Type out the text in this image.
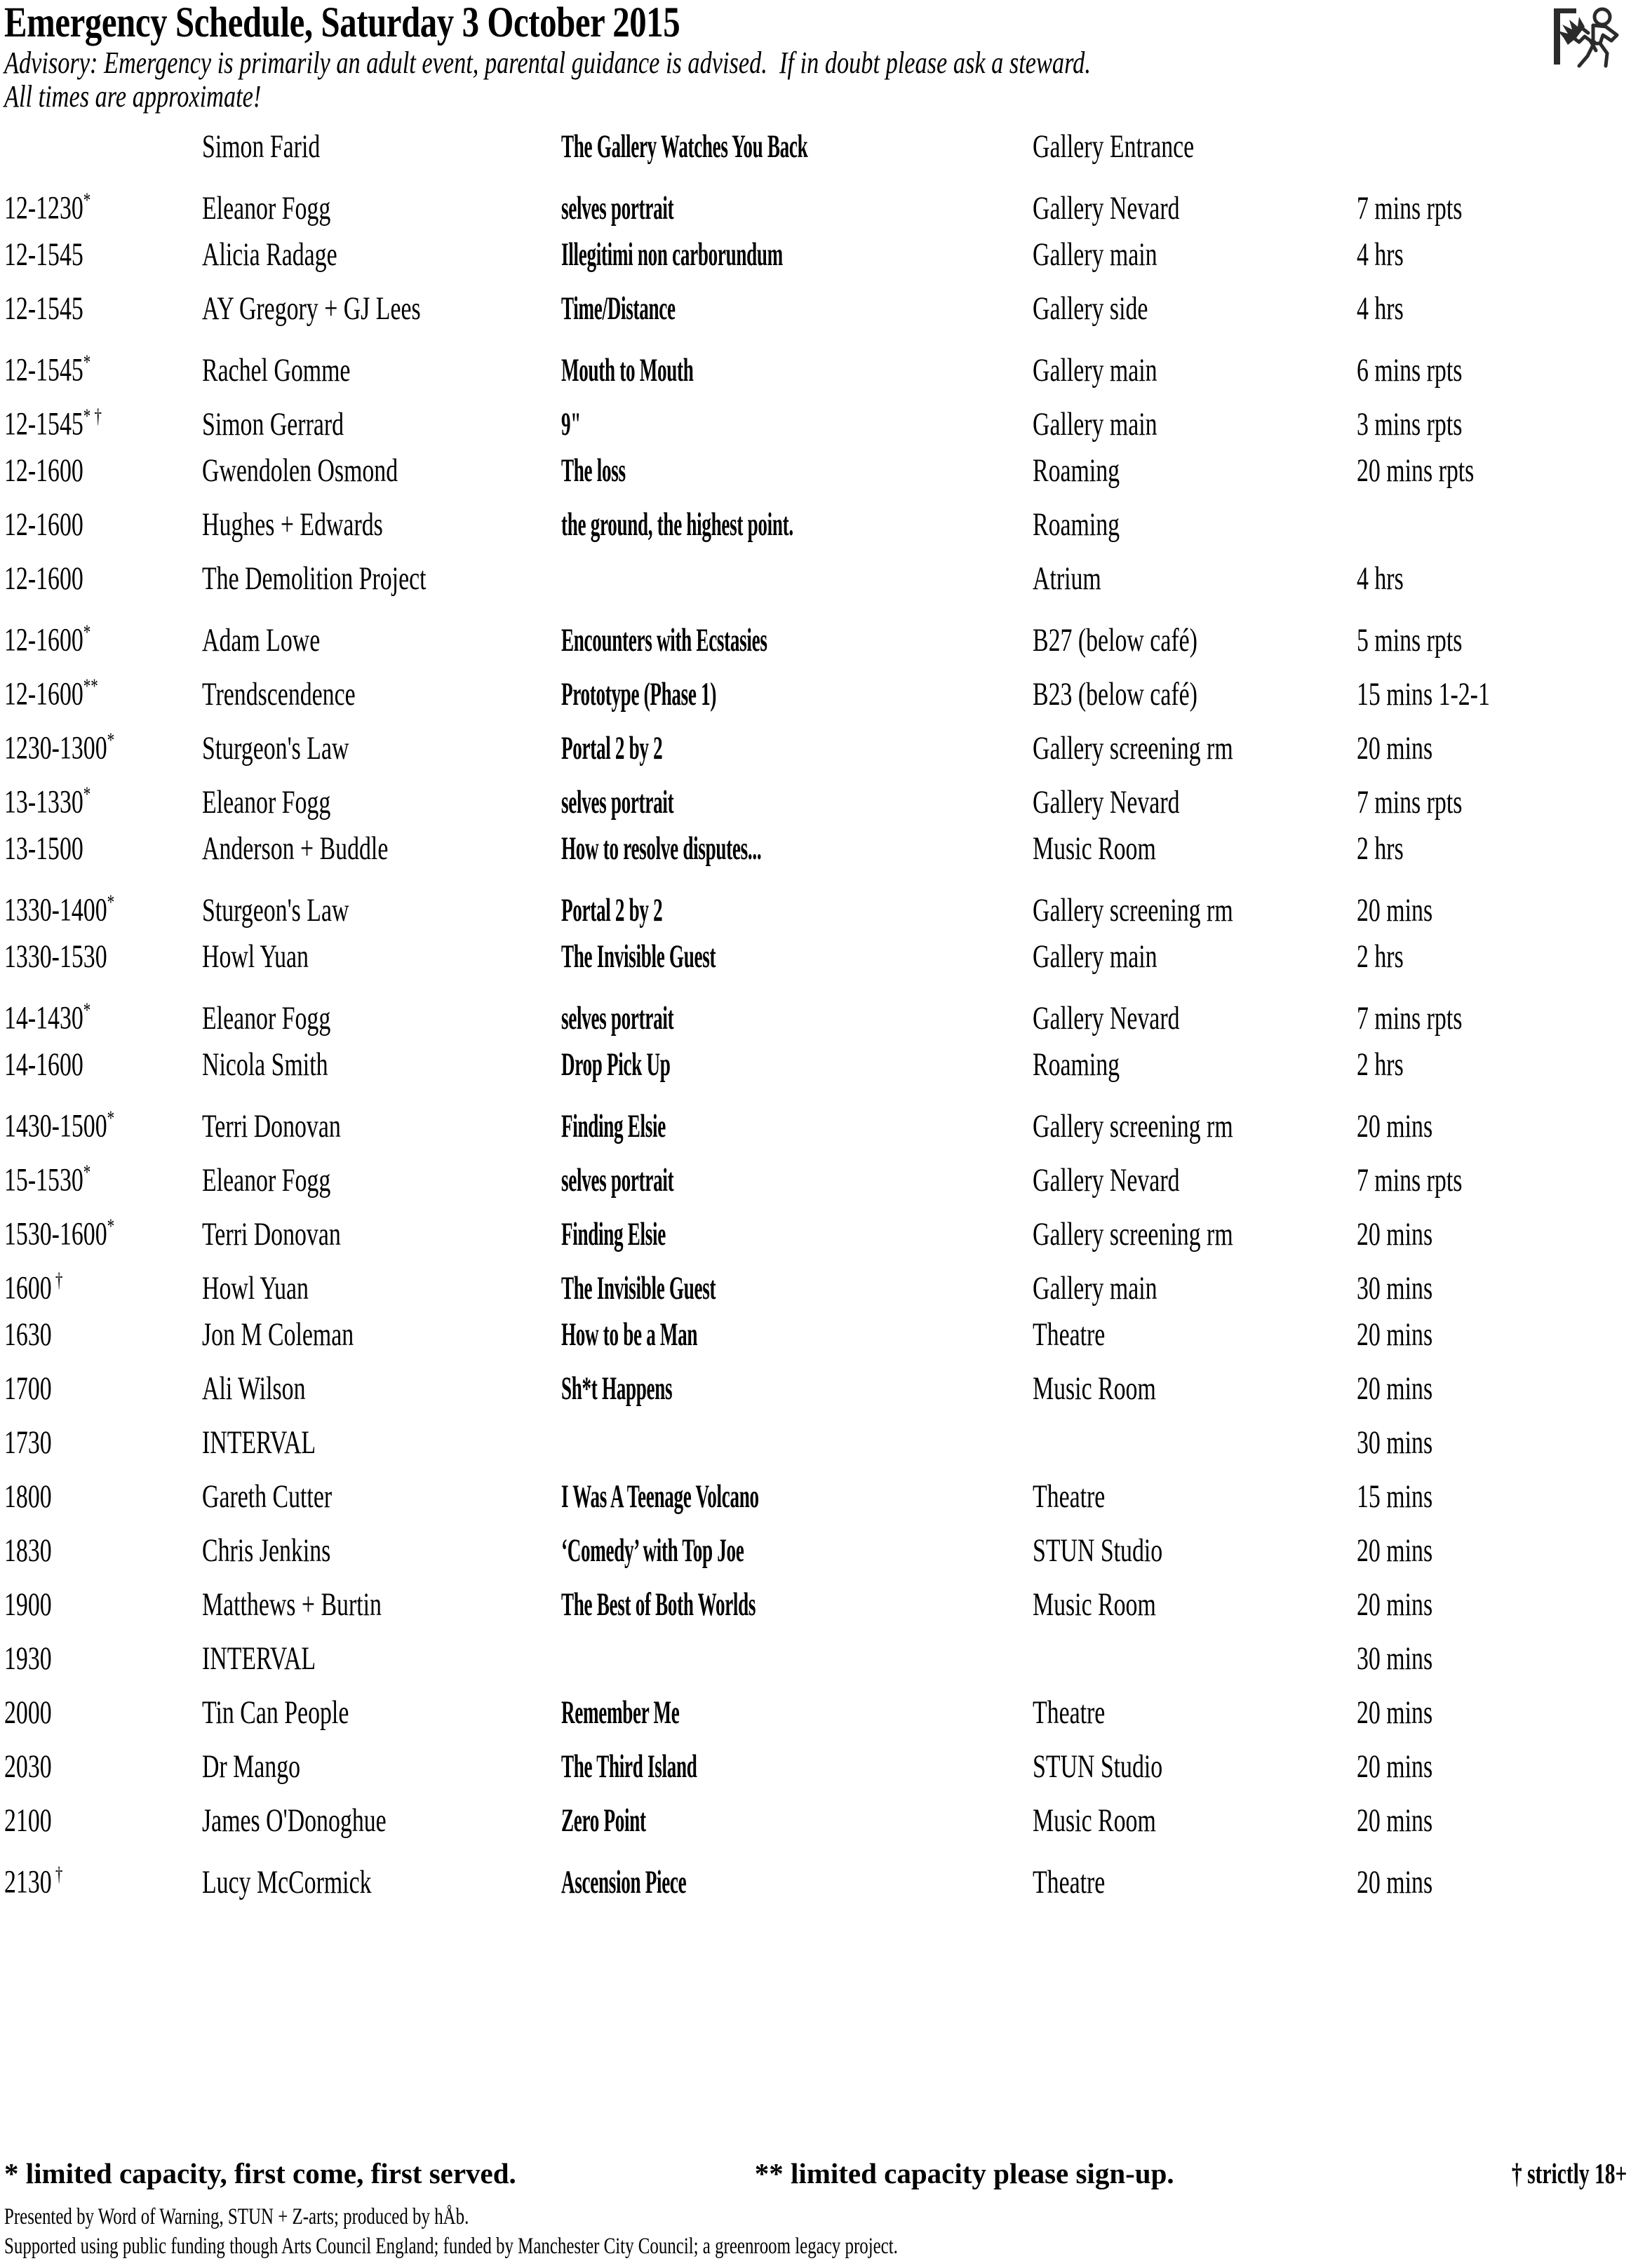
Emergency Schedule, Saturday 3 October 2015
Advisory: Emergency is primarily an adult event, parental guidance is advised. If in doubt please ask a steward.
All times are approximate!

	Simon Farid	The Gallery Watches You Back	Gallery Entrance	

12-1230*	Eleanor Fogg	selves portrait	Gallery Nevard	7 mins rpts

12-1545	Alicia Radage	Illegitimi non carborundum	Gallery main	4 hrs

12-1545	AY Gregory + GJ Lees	Time/Distance	Gallery side	4 hrs

12-1545*	Rachel Gomme	Mouth to Mouth	Gallery main	6 mins rpts

12-1545* †	Simon Gerrard	9"	Gallery main	3 mins rpts

12-1600	Gwendolen Osmond	The loss	Roaming	20 mins rpts

12-1600	Hughes + Edwards	the ground, the highest point.	Roaming	

12-1600	The Demolition Project		Atrium	4 hrs

12-1600*	Adam Lowe	Encounters with Ecstasies	B27 (below café)	5 mins rpts

12-1600**	Trendscendence	Prototype (Phase 1)	B23 (below café)	15 mins 1-2-1

1230-1300*	Sturgeon's Law	Portal 2 by 2	Gallery screening rm	20 mins

13-1330*	Eleanor Fogg	selves portrait	Gallery Nevard	7 mins rpts

13-1500	Anderson + Buddle	How to resolve disputes...	Music Room	2 hrs

1330-1400*	Sturgeon's Law	Portal 2 by 2	Gallery screening rm	20 mins

1330-1530	Howl Yuan	The Invisible Guest	Gallery main	2 hrs

14-1430*	Eleanor Fogg	selves portrait	Gallery Nevard	7 mins rpts

14-1600	Nicola Smith	Drop Pick Up	Roaming	2 hrs

1430-1500*	Terri Donovan	Finding Elsie	Gallery screening rm	20 mins

15-1530*	Eleanor Fogg	selves portrait	Gallery Nevard	7 mins rpts

1530-1600*	Terri Donovan	Finding Elsie	Gallery screening rm	20 mins

1600 †	Howl Yuan	The Invisible Guest	Gallery main	30 mins

1630	Jon M Coleman	How to be a Man	Theatre	20 mins

1700	Ali Wilson	Sh*t Happens	Music Room	20 mins

1730	INTERVAL			30 mins

1800	Gareth Cutter	I Was A Teenage Volcano	Theatre	15 mins

1830	Chris Jenkins	‘Comedy’ with Top Joe	STUN Studio	20 mins

1900	Matthews + Burtin	The Best of Both Worlds	Music Room	20 mins

1930	INTERVAL			30 mins

2000	Tin Can People	Remember Me	Theatre	20 mins

2030	Dr Mango	The Third Island	STUN Studio	20 mins

2100	James O'Donoghue	Zero Point	Music Room	20 mins

2130 †	Lucy McCormick	Ascension Piece	Theatre	20 mins
* limited capacity, first come, first served.	** limited capacity please sign-up.	† strictly 18+
Presented by Word of Warning, STUN + Z-arts; produced by hÅb.
Supported using public funding though Arts Council England; funded by Manchester City Council; a greenroom legacy project.
